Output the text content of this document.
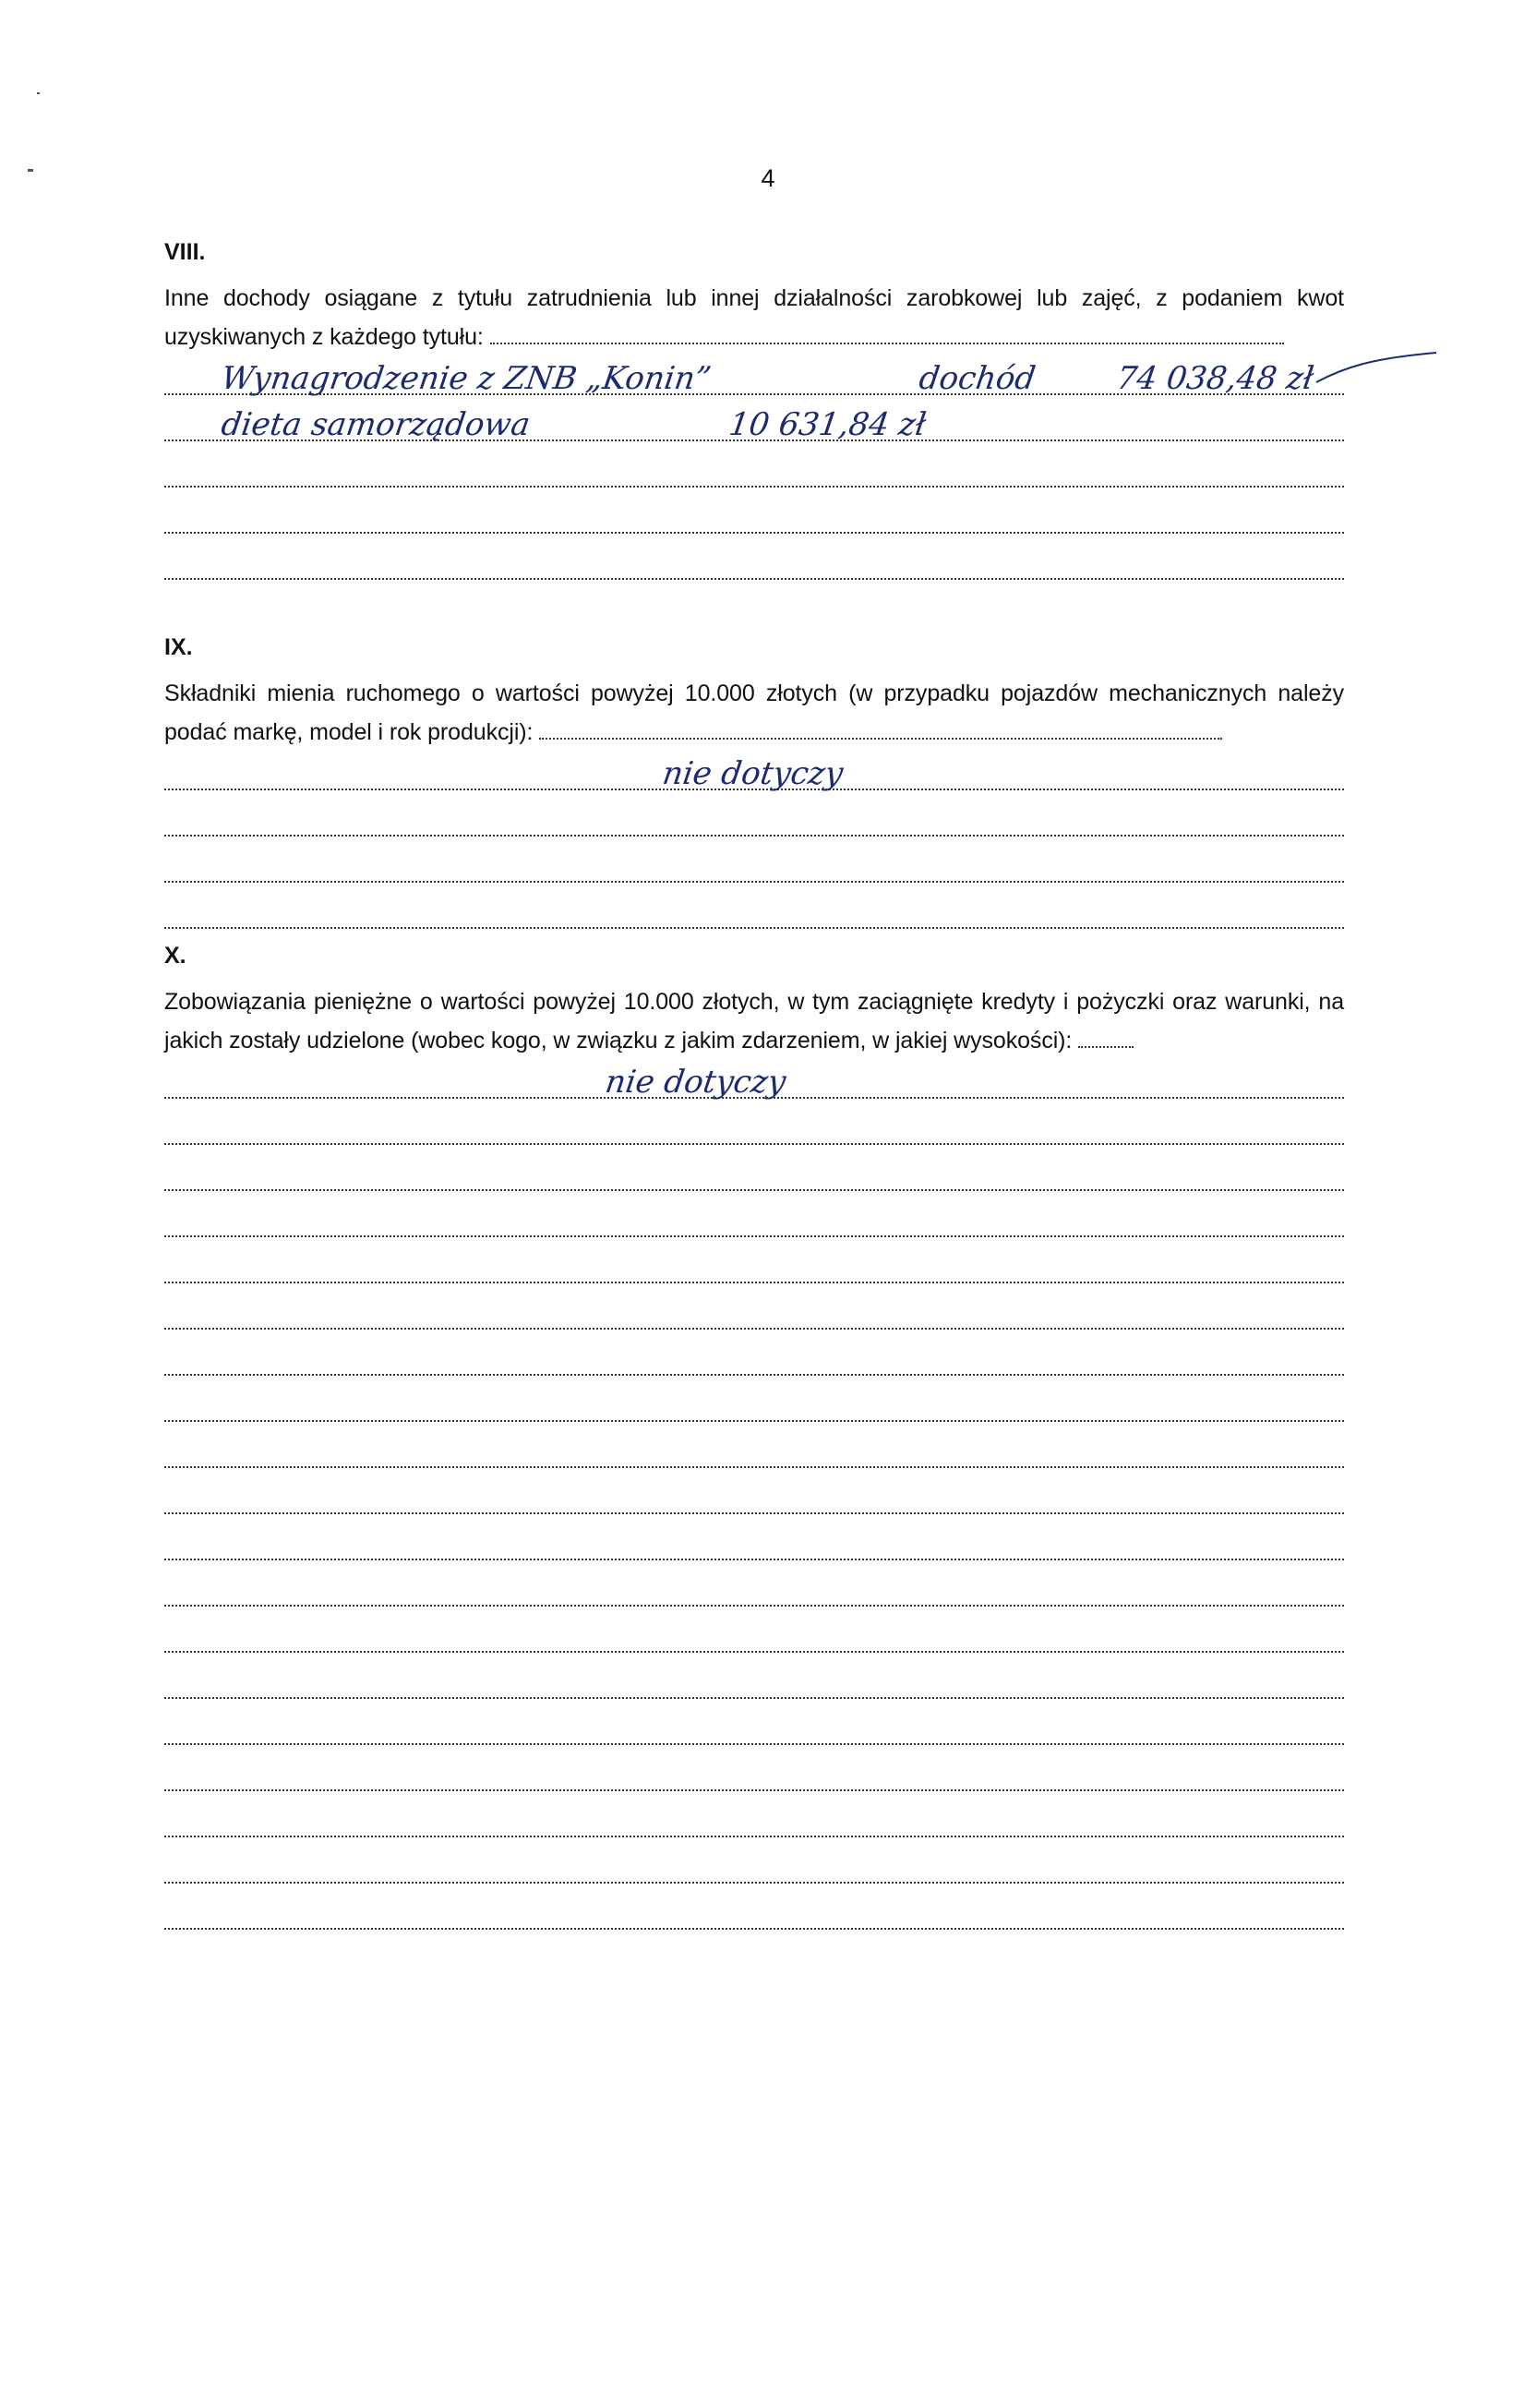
4
VIII.

Inne dochody osiągane z tytułu zatrudnienia lub innej działalności zarobkowej lub zajęć, z podaniem kwot uzyskiwanych z każdego tytułu:

Wynagrodzenie z ZNB „Konin”	dochód 74 038,48 zł
dieta samorządowa	10 631,84 zł
IX.

Składniki mienia ruchomego o wartości powyżej 10.000 złotych (w przypadku pojazdów mechanicznych należy podać markę, model i rok produkcji):

nie dotyczy
X.

Zobowiązania pieniężne o wartości powyżej 10.000 złotych, w tym zaciągnięte kredyty i pożyczki oraz warunki, na jakich zostały udzielone (wobec kogo, w związku z jakim zdarzeniem, w jakiej wysokości):

nie dotyczy
